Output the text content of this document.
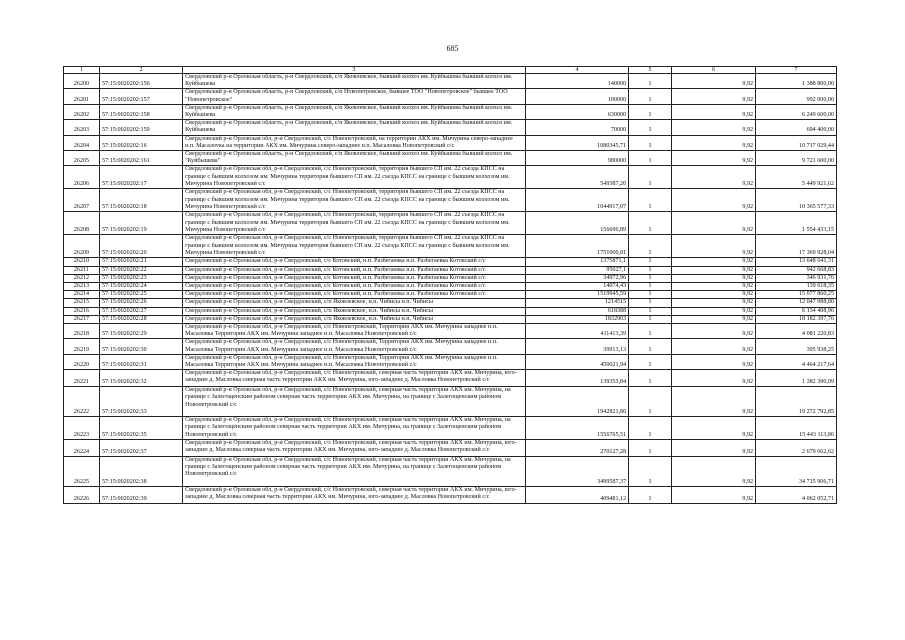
685
1	2	3	4	5	6	7
26200	57:15:0020202:156	Свердловский р-н Орловская область, р-н Свердловский, с/п Яковлевское, бывший колхоз им. Куйбышева бывший колхоз им. Куйбышева	140000	1	9,92	1 388 800,00
26201	57:15:0020202:157	Свердловский р-н Орловская область, р-н Свердловский, с/п Новопетровское, бывшее ТОО "Новопетровское" бывшее ТОО "Новопетровское"	100000	1	9,92	992 000,00
26202	57:15:0020202:158	Свердловский р-н Орловская область, р-н Свердловский, с/п Яковлевское, бывший колхоз им. Куйбышева бывший колхоз им. Куйбышева	630000	1	9,92	6 249 600,00
26203	57:15:0020202:159	Свердловский р-н Орловская область, р-н Свердловский, с/п Яковлевское, бывший колхоз им. Куйбышева бывший колхоз им. Куйбышева	70000	1	9,92	694 400,00
26204	57:15:0020202:16	Свердловский р-н Орловская обл, р-н Свердловский, с/с Новопетровский, на территории АКХ им. Мичурина северо-западнее н.п. Масалovка на территории АКХ им. Мичурина северо-западнее н.п. Масаловка Новопетровский с/с	1080345,71	1	9,92	10 717 029,44
26205	57:15:0020202:161	Свердловский р-н Орловская область, р-н Свердловский, с/п Яковлевское, бывший колхоз им. Куйбышева бывший колхоз им. "Куйбышева"	980000	1	9,92	9 721 600,00
26206	57:15:0020202:17	Свердловский р-н Орловская обл, р-н Свердловский, с/с Новопетровский, территория бывшего СП им. 22 съезда КПСС на границе с бывшим колхозом им. Мичурина территория бывшего СП им. 22 съезда КПСС на границе с бывшим колхозом им. Мичурина Новопетровский с/с	549387,26	1	9,92	5 449 921,62
26207	57:15:0020202:18	Свердловский р-н Орловская обл, р-н Свердловский, с/с Новопетровский, территория бывшего СП им. 22 съезда КПСС на границе с бывшим колхозом им. Мичурина территория бывшего СП им. 22 съезда КПСС на границе с бывшим колхозом им. Мичурина Новопетровский с/с	1044917,07	1	9,92	10 365 577,33
26208	57:15:0020202:19	Свердловский р-н Орловская обл, р-н Свердловский, с/с Новопетровский, территория бывшего СП им. 22 съезда КПСС на границе с бывшим колхозом им. Мичурина территория бывшего СП им. 22 съезда КПСС на границе с бывшим колхозом им. Мичурина Новопетровский с/с	156696,89	1	9,92	1 554 433,15
26209	57:15:0020202:20	Свердловский р-н Орловская обл, р-н Свердловский, с/с Новопетровский, территория бывшего СП им. 22 съезда КПСС на границе с бывшим колхозом им. Мичурина территория бывшего СП им. 22 съезда КПСС на границе с бывшим колхозом им. Мичурина Новопетровский с/с	1751000,81	1	9,92	17 369 928,04
26210	57:15:0020202:21	Свердловский р-н Орловская обл, р-н Свердловский, с/с Котовский, н.п. Разбегаевка н.п. Разбегаевка Котовский с/с	1375871,1	1	9,92	13 648 641,31
26211	57:15:0020202:22	Свердловский р-н Орловская обл, р-н Свердловский, с/с Котовский, н.п. Разбегаевка н.п. Разбегаевка Котовский с/с	95027,1	1	9,92	942 668,83
26212	57:15:0020202:23	Свердловский р-н Орловская обл, р-н Свердловский, с/с Котовский, н.п. Разбегаевка н.п. Разбегаевка Котовский с/с	34972,96	1	9,92	346 931,76
26213	57:15:0020202:24	Свердловский р-н Орловская обл, р-н Свердловский, с/с Котовский, н.п. Разбегаевка н.п. Разбегаевка Котовский с/с	14074,43	1	9,92	139 618,35
26214	57:15:0020202:25	Свердловский р-н Орловская обл, р-н Свердловский, с/с Котовский, н.п. Разбегаевка н.п. Разбегаевка Котовский с/с	1519945,59	1	9,92	15 077 860,25
26215	57:15:0020202:26	Свердловский р-н Орловская обл, р-н Свердловский, с/п Яковлевское, н.п. Чибисы н.п. Чибисы	1214515	1	9,92	12 047 988,80
26216	57:15:0020202:27	Свердловский р-н Орловская обл, р-н Свердловский, с/п Яковлевское, н.п. Чибисы н.п. Чибисы	618388	1	9,92	6 134 408,96
26217	57:15:0020202:28	Свердловский р-н Орловская обл, р-н Свердловский, с/п Яковлевское, н.п. Чибисы н.п. Чибисы	1832903	1	9,92	18 182 397,76
26218	57:15:0020202:29	Свердловский р-н Орловская обл, р-н Свердловский, с/с Новопетровский, Территория АКХ им. Мичурина западнее н.п. Масаловка Территория АКХ им. Мичурина западнее н.п. Масаловка Новопетровский с/с	411413,39	1	9,92	4 081 220,83
26219	57:15:0020202:30	Свердловский р-н Орловская обл, р-н Свердловский, с/с Новопетровский, Территория АКХ им. Мичурина западнее н.п. Масаловка Территория АКХ им. Мичурина западнее н.п. Масаловка Новопетровский с/с	39913,13	1	9,92	395 938,25
26220	57:15:0020202:31	Свердловский р-н Орловская обл, р-н Свердловский, с/с Новопетровский, Территория АКХ им. Мичурина западнее н.п. Масаловка Территория АКХ им. Мичурина западнее н.п. Масаловка Новопетровский с/с	450021,94	1	9,92	4 464 217,64
26221	57:15:0020202:32	Свердловский р-н Орловская обл, р-н Свердловский, с/с Новопетровский, северная часть территории АКХ им. Мичурина, юго-западнее д. Масловка северная часть территории АКХ им. Мичурина, юго-западнее д. Масловка Новопетровский с/с	139353,84	1	9,92	1 382 390,09
26222	57:15:0020202:33	Свердловский р-н Орловская обл, р-н Свердловский, с/с Новопетровский, северная часть территории АКХ им. Мичурина, на границе с Залегощенским районом северная часть территории АКХ им. Мичурина, на границе с Залегощенским районом Новопетровский с/с	1942821,86	1	9,92	19 272 792,85
26223	57:15:0020202:35	Свердловский р-н Орловская обл, р-н Свердловский, с/с Новопетровский, северная часть территории АКХ им. Мичурина, на границе с Залегощенским районом северная часть территории АКХ им. Мичурина, на границе с Залегощенским районом Новопетровский с/с	1556765,51	1	9,92	15 443 113,86
26224	57:15:0020202:37	Свердловский р-н Орловская обл, р-н Свердловский, с/с Новопетровский, северная часть территории АКХ им. Мичурина, юго-западнее д. Масловка северная часть территории АКХ им. Мичурина, юго-западнее д. Масловка Новопетровский с/с	270127,28	1	9,92	2 679 662,62
26225	57:15:0020202:38	Свердловский р-н Орловская обл, р-н Свердловский, с/с Новопетровский, северная часть территории АКХ им. Мичурина, на границе с Залегощенским районом северная часть территории АКХ им. Мичурина, на границе с Залегощенским районом Новопетровский с/с	3499587,37	1	9,92	34 715 906,71
26226	57:15:0020202:39	Свердловский р-н Орловская обл, р-н Свердловский, с/с Новопетровский, северная часть территории АКХ им. Мичурина, юго-западнее д. Масловка северная часть территории АКХ им. Мичурина, юго-западнее д. Масловка Новопетровский с/с	409481,12	1	9,92	4 062 052,71
